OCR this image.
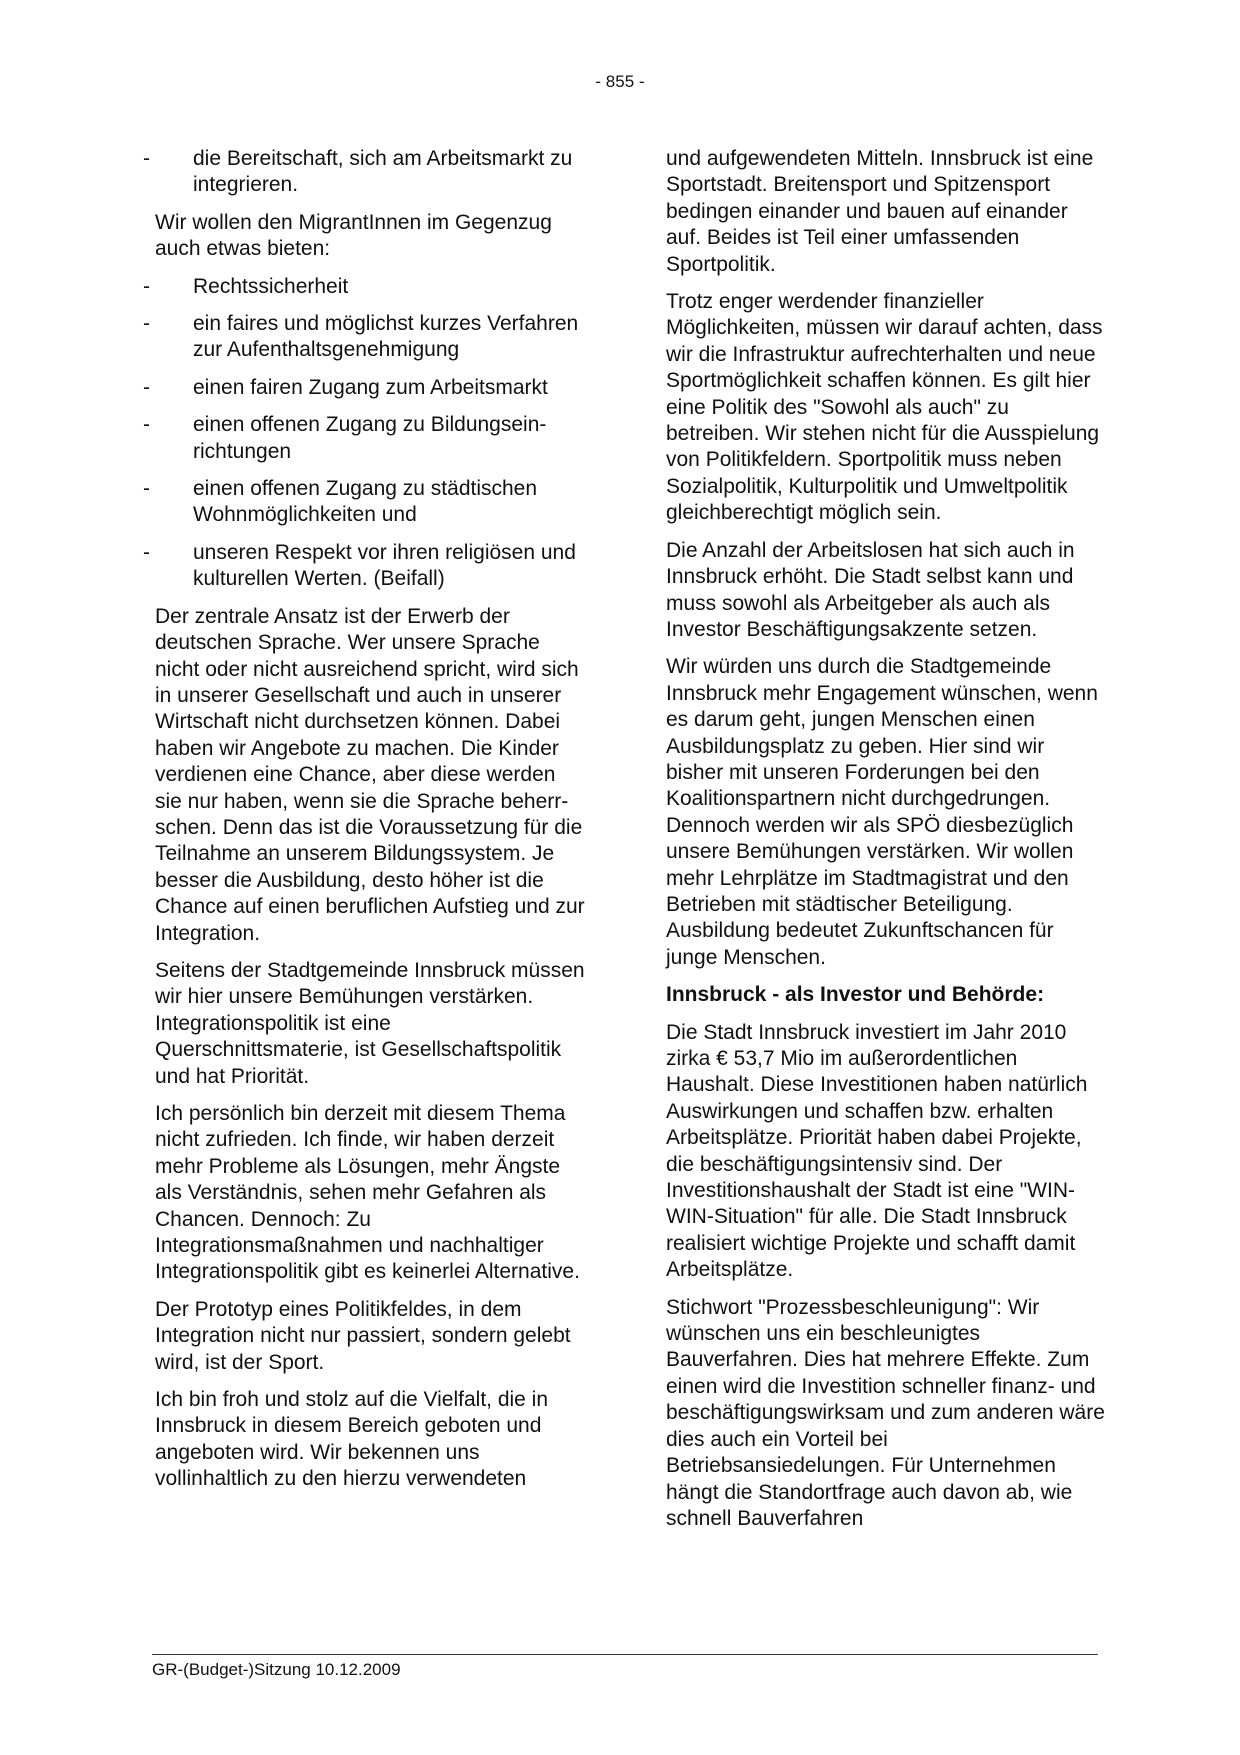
- 855 -
- die Bereitschaft, sich am Arbeitsmarkt zu integrieren.
Wir wollen den MigrantInnen im Gegenzug auch etwas bieten:
- Rechtssicherheit
- ein faires und möglichst kurzes Verfahren zur Aufenthaltsgenehmigung
- einen fairen Zugang zum Arbeitsmarkt
- einen offenen Zugang zu Bildungseinrichtungen
- einen offenen Zugang zu städtischen Wohnmöglichkeiten und
- unseren Respekt vor ihren religiösen und kulturellen Werten. (Beifall)
Der zentrale Ansatz ist der Erwerb der deutschen Sprache. Wer unsere Sprache nicht oder nicht ausreichend spricht, wird sich in unserer Gesellschaft und auch in unserer Wirtschaft nicht durchsetzen können. Dabei haben wir Angebote zu machen. Die Kinder verdienen eine Chance, aber diese werden sie nur haben, wenn sie die Sprache beherrschen. Denn das ist die Voraussetzung für die Teilnahme an unserem Bildungssystem. Je besser die Ausbildung, desto höher ist die Chance auf einen beruflichen Aufstieg und zur Integration.
Seitens der Stadtgemeinde Innsbruck müssen wir hier unsere Bemühungen verstärken. Integrationspolitik ist eine Querschnittsmaterie, ist Gesellschaftspolitik und hat Priorität.
Ich persönlich bin derzeit mit diesem Thema nicht zufrieden. Ich finde, wir haben derzeit mehr Probleme als Lösungen, mehr Ängste als Verständnis, sehen mehr Gefahren als Chancen. Dennoch: Zu Integrationsmaßnahmen und nachhaltiger Integrationspolitik gibt es keinerlei Alternative.
Der Prototyp eines Politikfeldes, in dem Integration nicht nur passiert, sondern gelebt wird, ist der Sport.
Ich bin froh und stolz auf die Vielfalt, die in Innsbruck in diesem Bereich geboten und angeboten wird. Wir bekennen uns vollinhaltlich zu den hierzu verwendeten
und aufgewendeten Mitteln. Innsbruck ist eine Sportstadt. Breitensport und Spitzensport bedingen einander und bauen auf einander auf. Beides ist Teil einer umfassenden Sportpolitik.
Trotz enger werdender finanzieller Möglichkeiten, müssen wir darauf achten, dass wir die Infrastruktur aufrechterhalten und neue Sportmöglichkeit schaffen können. Es gilt hier eine Politik des "Sowohl als auch" zu betreiben. Wir stehen nicht für die Ausspielung von Politikfeldern. Sportpolitik muss neben Sozialpolitik, Kulturpolitik und Umweltpolitik gleichberechtigt möglich sein.
Die Anzahl der Arbeitslosen hat sich auch in Innsbruck erhöht. Die Stadt selbst kann und muss sowohl als Arbeitgeber als auch als Investor Beschäftigungsakzente setzen.
Wir würden uns durch die Stadtgemeinde Innsbruck mehr Engagement wünschen, wenn es darum geht, jungen Menschen einen Ausbildungsplatz zu geben. Hier sind wir bisher mit unseren Forderungen bei den Koalitionspartnern nicht durchgedrungen. Dennoch werden wir als SPÖ diesbezüglich unsere Bemühungen verstärken. Wir wollen mehr Lehrplätze im Stadtmagistrat und den Betrieben mit städtischer Beteiligung. Ausbildung bedeutet Zukunftschancen für junge Menschen.
Innsbruck - als Investor und Behörde:
Die Stadt Innsbruck investiert im Jahr 2010 zirka € 53,7 Mio im außerordentlichen Haushalt. Diese Investitionen haben natürlich Auswirkungen und schaffen bzw. erhalten Arbeitsplätze. Priorität haben dabei Projekte, die beschäftigungsintensiv sind. Der Investitionshaushalt der Stadt ist eine "WIN-WIN-Situation" für alle. Die Stadt Innsbruck realisiert wichtige Projekte und schafft damit Arbeitsplätze.
Stichwort "Prozessbeschleunigung": Wir wünschen uns ein beschleunigtes Bauverfahren. Dies hat mehrere Effekte. Zum einen wird die Investition schneller finanz- und beschäftigungswirksam und zum anderen wäre dies auch ein Vorteil bei Betriebsansiedelungen. Für Unternehmen hängt die Standortfrage auch davon ab, wie schnell Bauverfahren
GR-(Budget-)Sitzung 10.12.2009
